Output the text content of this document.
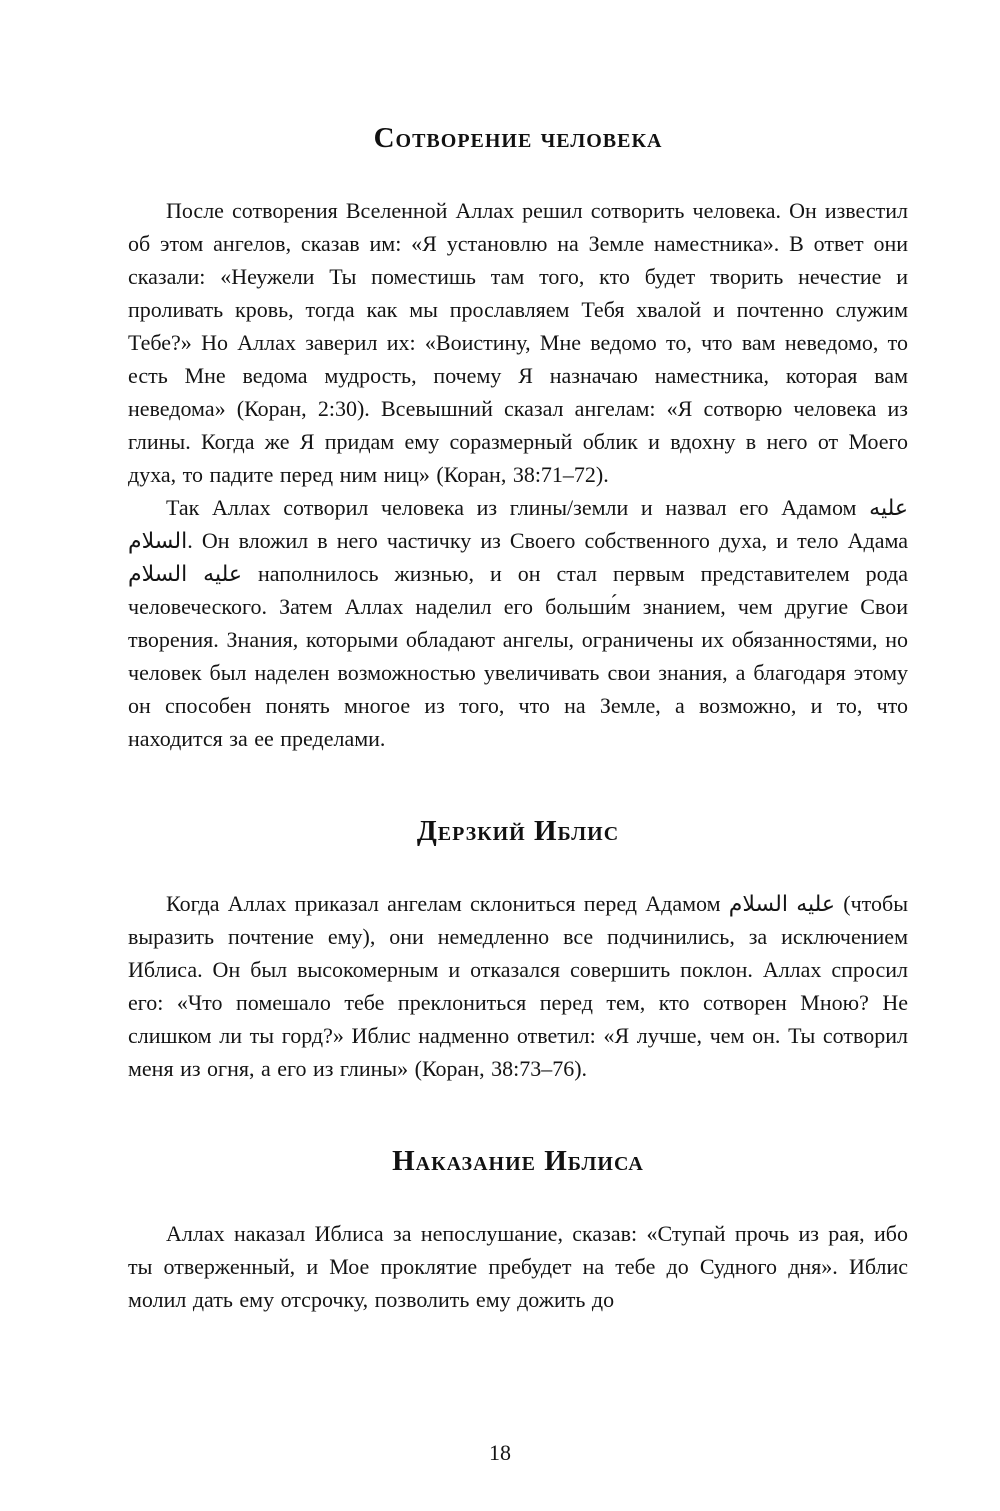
Сотворение человека

После сотворения Вселенной Аллах решил сотворить человека. Он известил об этом ангелов, сказав им: «Я установлю на Земле наместника». В ответ они сказали: «Неужели Ты поместишь там того, кто будет творить нечестие и проливать кровь, тогда как мы прославляем Тебя хвалой и почтенно служим Тебе?» Но Аллах заверил их: «Воистину, Мне ведомо то, что вам неведомо, то есть Мне ведома мудрость, почему Я назначаю наместника, которая вам неведома» (Коран, 2:30). Всевышний сказал ангелам: «Я сотворю человека из глины. Когда же Я придам ему соразмерный облик и вдохну в него от Моего духа, то падите перед ним ниц» (Коран, 38:71–72).

Так Аллах сотворил человека из глины/земли и назвал его Адамом عليه السلام. Он вложил в него частичку из Своего собственного духа, и тело Адама عليه السلام наполнилось жизнью, и он стал первым представителем рода человеческого. Затем Аллах наделил его больши́м знанием, чем другие Свои творения. Знания, которыми обладают ангелы, ограничены их обязанностями, но человек был наделен возможностью увеличивать свои знания, а благодаря этому он способен понять многое из того, что на Земле, а возможно, и то, что находится за ее пределами.

Дерзкий Иблис

Когда Аллах приказал ангелам склониться перед Адамом عليه السلام (чтобы выразить почтение ему), они немедленно все подчинились, за исключением Иблиса. Он был высокомерным и отказался совершить поклон. Аллах спросил его: «Что помешало тебе преклониться перед тем, кто сотворен Мною? Не слишком ли ты горд?» Иблис надменно ответил: «Я лучше, чем он. Ты сотворил меня из огня, а его из глины» (Коран, 38:73–76).

Наказание Иблиса

Аллах наказал Иблиса за непослушание, сказав: «Ступай прочь из рая, ибо ты отверженный, и Мое проклятие пребудет на тебе до Судного дня». Иблис молил дать ему отсрочку, позволить ему дожить до

18
